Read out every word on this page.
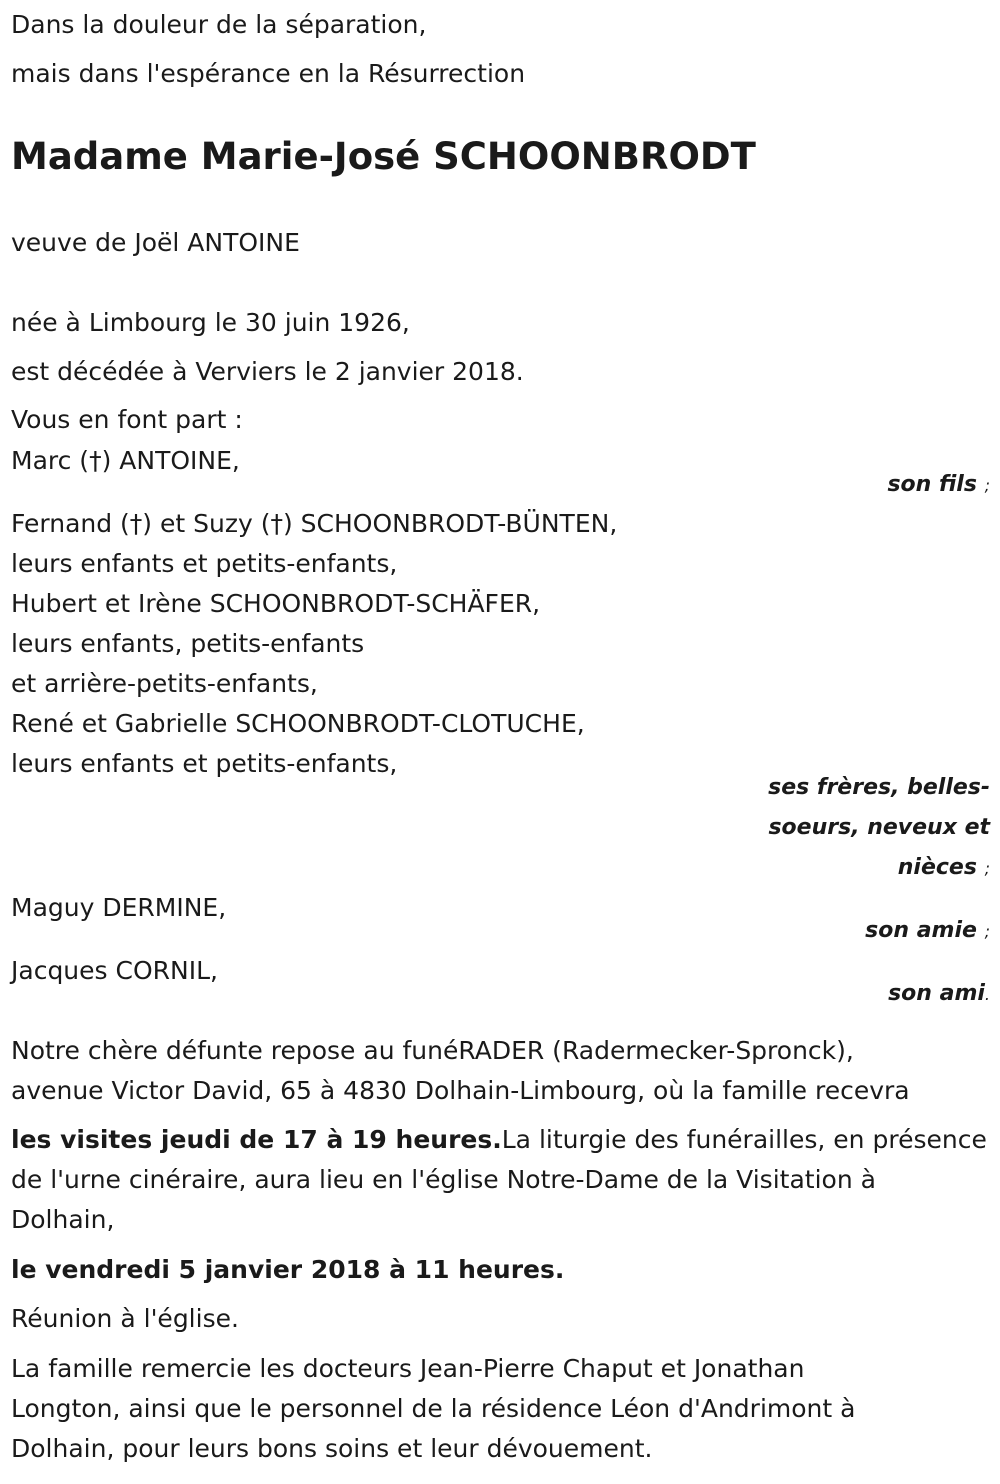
Dans la douleur de la séparation,

mais dans l'espérance en la Résurrection

Madame Marie-José SCHOONBRODT

veuve de Joël ANTOINE

née à Limbourg le 30 juin 1926,

est décédée à Verviers le 2 janvier 2018.

Vous en font part :

Marc (†) ANTOINE,

son fils ;

Fernand (†) et Suzy (†) SCHOONBRODT-BÜNTEN,

leurs enfants et petits-enfants,

Hubert et Irène SCHOONBRODT-SCHÄFER,

leurs enfants, petits-enfants

et arrière-petits-enfants,

René et Gabrielle SCHOONBRODT-CLOTUCHE,

leurs enfants et petits-enfants,

ses frères, belles-

soeurs, neveux et

nièces ;

Maguy DERMINE,

son amie ;

Jacques CORNIL,

son ami.

Notre chère défunte repose au funéRADER (Radermecker-Spronck),

avenue Victor David, 65 à 4830 Dolhain-Limbourg, où la famille recevra

les visites jeudi de 17 à 19 heures.La liturgie des funérailles, en présence

de l'urne cinéraire, aura lieu en l'église Notre-Dame de la Visitation à

Dolhain,

le vendredi 5 janvier 2018 à 11 heures.

Réunion à l'église.

La famille remercie les docteurs Jean-Pierre Chaput et Jonathan

Longton, ainsi que le personnel de la résidence Léon d'Andrimont à

Dolhain, pour leurs bons soins et leur dévouement.
